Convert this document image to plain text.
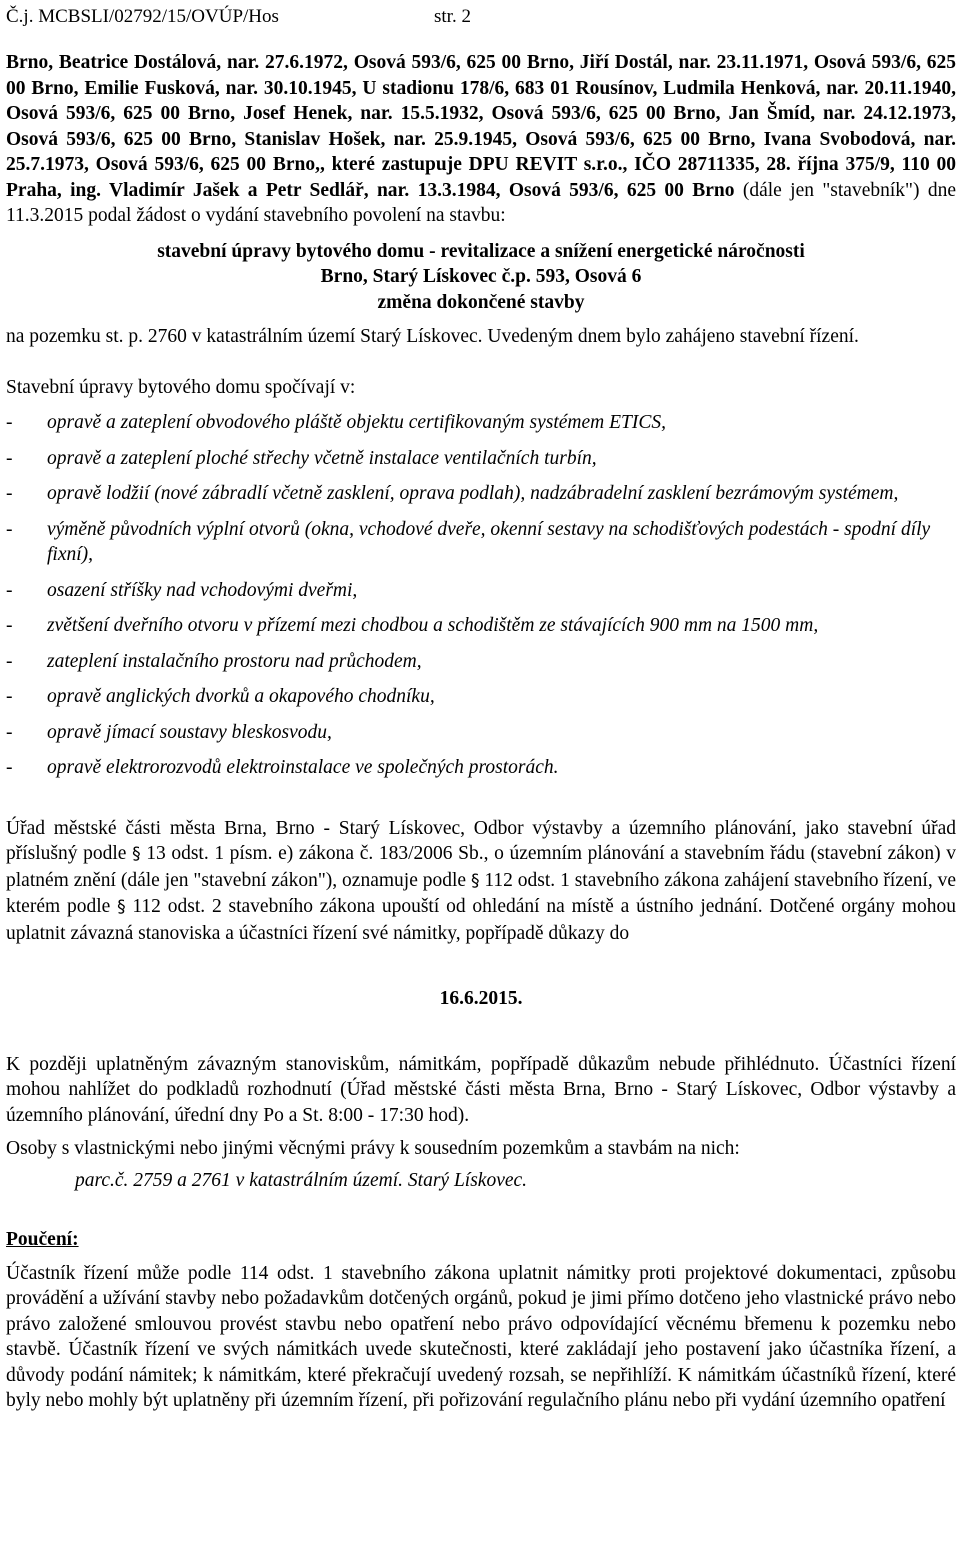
Č.j. MCBSLI/02792/15/OVÚP/Hos	str. 2

Brno, Beatrice Dostálová, nar. 27.6.1972, Osová 593/6, 625 00 Brno, Jiří Dostál, nar. 23.11.1971, Osová 593/6, 625 00 Brno, Emilie Fusková, nar. 30.10.1945, U stadionu 178/6, 683 01 Rousínov, Ludmila Henková, nar. 20.11.1940, Osová 593/6, 625 00 Brno, Josef Henek, nar. 15.5.1932, Osová 593/6, 625 00 Brno, Jan Šmíd, nar. 24.12.1973, Osová 593/6, 625 00 Brno, Stanislav Hošek, nar. 25.9.1945, Osová 593/6, 625 00 Brno, Ivana Svobodová, nar. 25.7.1973, Osová 593/6, 625 00 Brno,, které zastupuje DPU REVIT s.r.o., IČO 28711335, 28. října 375/9, 110 00 Praha, ing. Vladimír Jašek a Petr Sedlář, nar. 13.3.1984, Osová 593/6, 625 00 Brno (dále jen "stavebník") dne 11.3.2015 podal žádost o vydání stavebního povolení na stavbu:

stavební úpravy bytového domu - revitalizace a snížení energetické náročnosti

Brno, Starý Lískovec č.p. 593, Osová 6

změna dokončené stavby

na pozemku st. p. 2760 v katastrálním území Starý Lískovec. Uvedeným dnem bylo zahájeno stavební řízení.

Stavební úpravy bytového domu spočívají v:

- opravě a zateplení obvodového pláště objektu certifikovaným systémem ETICS,

- opravě a zateplení ploché střechy včetně instalace ventilačních turbín,

- opravě lodžií (nové zábradlí včetně zasklení, oprava podlah), nadzábradelní zasklení bezrámovým systémem,

- výměně původních výplní otvorů (okna, vchodové dveře, okenní sestavy na schodišťových podestách - spodní díly fixní),

- osazení stříšky nad vchodovými dveřmi,

- zvětšení dveřního otvoru v přízemí mezi chodbou a schodištěm ze stávajících 900 mm na 1500 mm,

- zateplení instalačního prostoru nad průchodem,

- opravě anglických dvorků a okapového chodníku,

- opravě jímací soustavy bleskosvodu,

- opravě elektrorozvodů elektroinstalace ve společných prostorách.

Úřad městské části města Brna, Brno - Starý Lískovec, Odbor výstavby a územního plánování, jako stavební úřad příslušný podle § 13 odst. 1 písm. e) zákona č. 183/2006 Sb., o územním plánování a stavebním řádu (stavební zákon) v platném znění (dále jen "stavební zákon"), oznamuje podle § 112 odst. 1 stavebního zákona zahájení stavebního řízení, ve kterém podle § 112 odst. 2 stavebního zákona upouští od ohledání na místě a ústního jednání. Dotčené orgány mohou uplatnit závazná stanoviska a účastníci řízení své námitky, popřípadě důkazy do

16.6.2015.

K později uplatněným závazným stanoviskům, námitkám, popřípadě důkazům nebude přihlédnuto. Účastníci řízení mohou nahlížet do podkladů rozhodnutí (Úřad městské části města Brna, Brno - Starý Lískovec, Odbor výstavby a územního plánování, úřední dny Po a St. 8:00 - 17:30 hod).

Osoby s vlastnickými nebo jinými věcnými právy k sousedním pozemkům a stavbám na nich:

parc.č. 2759 a 2761 v katastrálním území. Starý Lískovec.

Poučení:

Účastník řízení může podle 114 odst. 1 stavebního zákona uplatnit námitky proti projektové dokumentaci, způsobu provádění a užívání stavby nebo požadavkům dotčených orgánů, pokud je jimi přímo dotčeno jeho vlastnické právo nebo právo založené smlouvou provést stavbu nebo opatření nebo právo odpovídající věcnému břemenu k pozemku nebo stavbě. Účastník řízení ve svých námitkách uvede skutečnosti, které zakládají jeho postavení jako účastníka řízení, a důvody podání námitek; k námitkám, které překračují uvedený rozsah, se nepřihlíží. K námitkám účastníků řízení, které byly nebo mohly být uplatněny při územním řízení, při pořizování regulačního plánu nebo při vydání územního opatření
